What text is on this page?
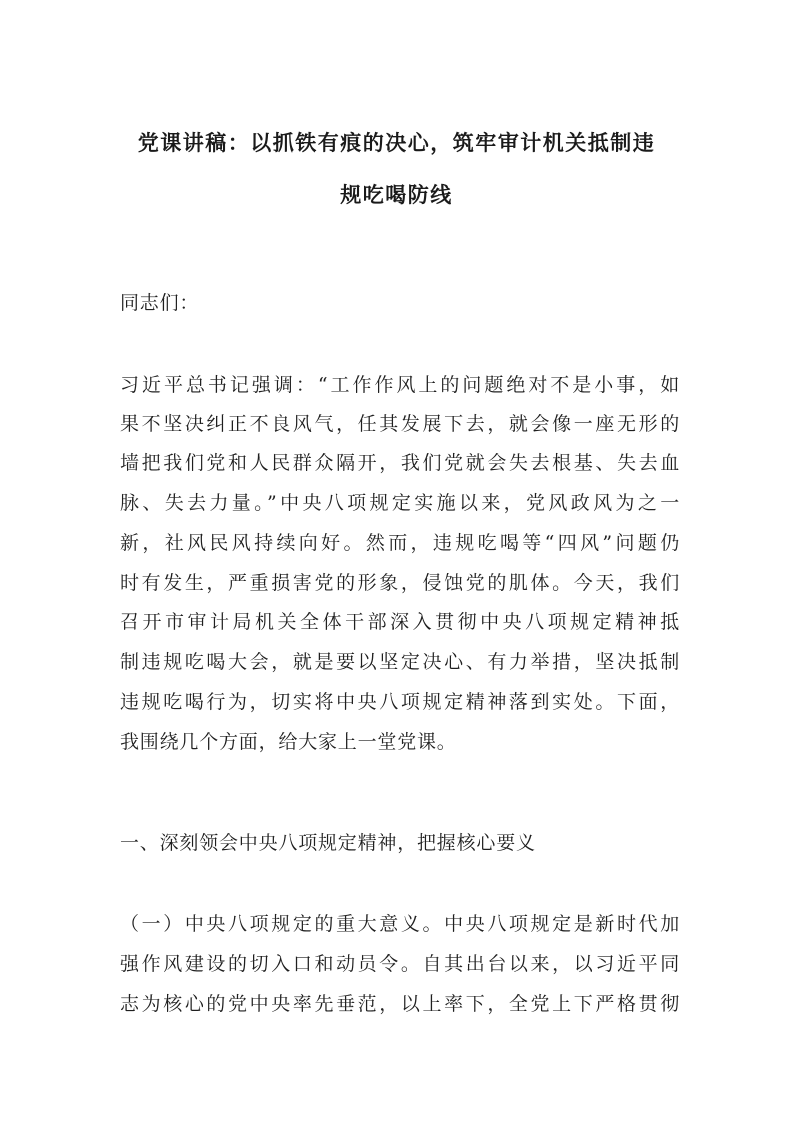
党课讲稿：以抓铁有痕的决心，筑牢审计机关抵制违
规吃喝防线

同志们：

习近平总书记强调：“工作作风上的问题绝对不是小事，如

果不坚决纠正不良风气，任其发展下去，就会像一座无形的

墙把我们党和人民群众隔开，我们党就会失去根基、失去血

脉、失去力量。”中央八项规定实施以来，党风政风为之一

新，社风民风持续向好。然而，违规吃喝等“四风”问题仍

时有发生，严重损害党的形象，侵蚀党的肌体。今天，我们

召开市审计局机关全体干部深入贯彻中央八项规定精神抵

制违规吃喝大会，就是要以坚定决心、有力举措，坚决抵制

违规吃喝行为，切实将中央八项规定精神落到实处。下面，

我围绕几个方面，给大家上一堂党课。

一、深刻领会中央八项规定精神，把握核心要义

（一）中央八项规定的重大意义。中央八项规定是新时代加

强作风建设的切入口和动员令。自其出台以来，以习近平同

志为核心的党中央率先垂范，以上率下，全党上下严格贯彻
